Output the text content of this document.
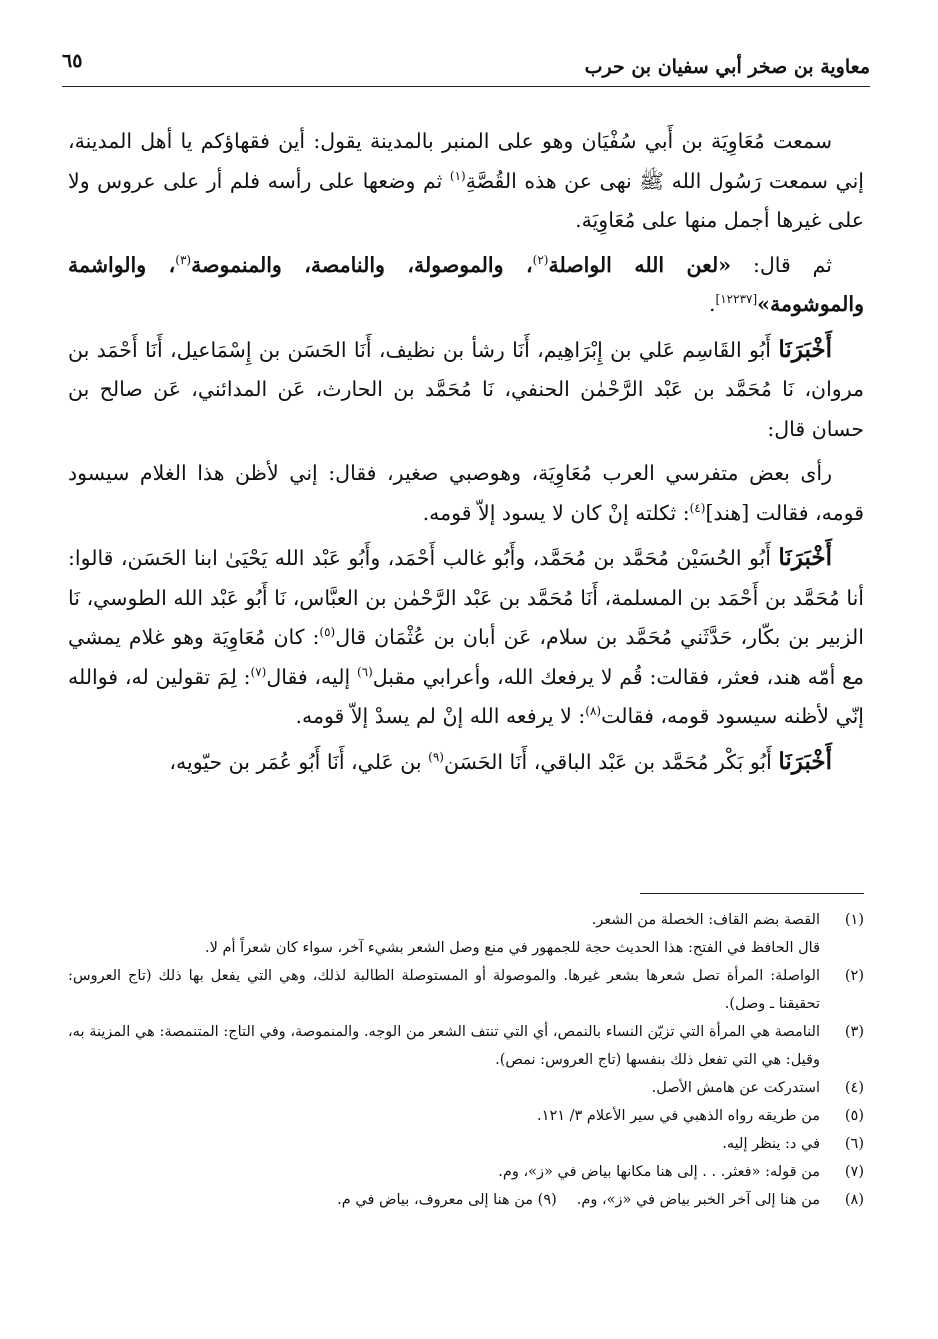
معاوية بن صخر أبي سفيان بن حرب
٦٥

سمعت مُعَاوِيَة بن أَبي سُفْيَان وهو على المنبر بالمدينة يقول: أين فقهاؤكم يا أهل المدينة، إني سمعت رَسُول الله ﷺ نهى عن هذه القُصَّةِ$^{(١)}$ ثم وضعها على رأسه فلم أر على عروس ولا على غيرها أجمل منها على مُعَاوِيَة.

ثم قال: «لعن الله الواصلة$^{(٢)}$، والموصولة، والنامصة، والمنموصة$^{(٣)}$، والواشمة والموشومة»[١٢٢٣٧].

أَخْبَرَنَا أَبُو القَاسِم عَلي بن إِبْرَاهِيم، أَنَا رشأ بن نظيف، أَنَا الحَسَن بن إِسْمَاعيل، أَنَا أَحْمَد بن مروان، نَا مُحَمَّد بن عَبْد الرَّحْمٰن الحنفي، نَا مُحَمَّد بن الحارث، عَن المدائني، عَن صالح بن حسان قال:

رأى بعض متفرسي العرب مُعَاوِيَة، وهوصبي صغير، فقال: إني لأظن هذا الغلام سيسود قومه، فقالت [هند]$^{(٤)}$: ثكلته إنْ كان لا يسود إلاّ قومه.

أَخْبَرَنَا أَبُو الحُسَيْن مُحَمَّد بن مُحَمَّد، وأَبُو غالب أَحْمَد، وأَبُو عَبْد الله يَحْيَىٰ ابنا الحَسَن، قالوا: أنا مُحَمَّد بن أَحْمَد بن المسلمة، أَنَا مُحَمَّد بن عَبْد الرَّحْمٰن بن العبَّاس، نَا أَبُو عَبْد الله الطوسي، نَا الزبير بن بكّار، حَدَّثَني مُحَمَّد بن سلام، عَن أبان بن عُثْمَان قال$^{(٥)}$: كان مُعَاوِيَة وهو غلام يمشي مع أمّه هند، فعثر، فقالت: قُم لا يرفعك الله، وأعرابي مقبل$^{(٦)}$ إليه، فقال$^{(٧)}$: لِمَ تقولين له، فوالله إنّي لأظنه سيسود قومه، فقالت$^{(٨)}$: لا يرفعه الله إنْ لم يسدْ إلاّ قومه.

أَخْبَرَنَا أَبُو بَكْر مُحَمَّد بن عَبْد الباقي، أَنَا الحَسَن$^{(٩)}$ بن عَلي، أَنَا أَبُو عُمَر بن حيّويه،

(١)
القصة بضم القاف: الخصلة من الشعر.
قال الحافظ في الفتح: هذا الحديث حجة للجمهور في منع وصل الشعر بشيء آخر، سواء كان شعراً أم لا.
(٢)
الواصلة: المرأة تصل شعرها بشعر غيرها. والموصولة أو المستوصلة الطالبة لذلك، وهي التي يفعل بها ذلك (تاج العروس: تحقيقنا ـ وصل).
(٣)
النامصة هي المرأة التي تزيّن النساء بالنمص، أي التي تنتف الشعر من الوجه. والمنموصة، وفي التاج: المتنمصة: هي المزينة به، وقيل: هي التي تفعل ذلك بنفسها (تاج العروس: نمص).
(٤)
استدركت عن هامش الأصل.
(٥)
من طريقه رواه الذهبي في سير الأعلام ٣/ ١٢١.
(٦)
في د: ينظر إليه.
(٧)
من قوله: «فعثر. . . إلى هنا مكانها بياض في «ز»، وم.
(٨)
من هنا إلى آخر الخبر بياض في «ز»، وم.(٩) من هنا إلى معروف، بياض في م.
